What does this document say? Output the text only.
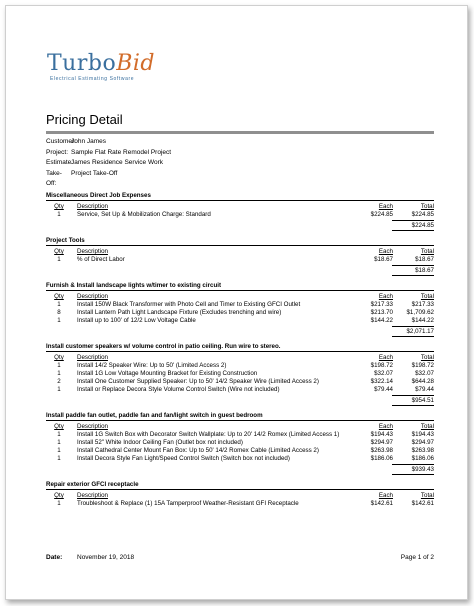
TurboBid
Electrical Estimating Software
Pricing Detail
Customer:
John James
Project: Sample Flat Rate Remodel Project
Estimate:
James Residence Service Work
Take-Off:
Project Take-Off
Miscellaneous Direct Job Expenses
Qty	Description	Each	Total
1	Service, Set Up & Mobilization Charge: Standard	$224.85	$224.85
$224.85
Project Tools
Qty	Description	Each	Total
1	% of Direct Labor	$18.67	$18.67
$18.67
Furnish & Install landscape lights w/timer to existing circuit
Qty	Description	Each	Total
1	Install 150W Black Transformer with Photo Cell and Timer to Existing GFCI Outlet	$217.33	$217.33
8	Install Lantern Path Light Landscape Fixture (Excludes trenching and wire)	$213.70	$1,709.62
1	Install up to 100' of 12/2 Low Voltage Cable	$144.22	$144.22
$2,071.17
Install customer speakers w/ volume control in patio ceiling. Run wire to stereo.
Qty	Description	Each	Total
1	Install 14/2 Speaker Wire: Up to 50' (Limited Access 2)	$198.72	$198.72
1	Install 1G Low Voltage Mounting Bracket for Existing Construction	$32.07	$32.07
2	Install One Customer Supplied Speaker: Up to 50' 14/2 Speaker Wire (Limited Access 2)	$322.14	$644.28
1	Install or Replace Decora Style Volume Control Switch (Wire not included)	$79.44	$79.44
$954.51
Install paddle fan outlet, paddle fan and fan/light switch in guest bedroom
Qty	Description	Each	Total
1	Install 1G Switch Box with Decorator Switch Wallplate: Up to 20' 14/2 Romex (Limited Access 1)	$194.43	$194.43
1	Install 52" White Indoor Ceiling Fan (Outlet box not included)	$294.97	$294.97
1	Install Cathedral Center Mount Fan Box: Up to 50' 14/2 Romex Cable (Limited Access 2)	$263.98	$263.98
1	Install Decora Style Fan Light/Speed Control Switch (Switch box not included)	$186.06	$186.06
$939.43
Repair exterior GFCI receptacle
Qty	Description	Each	Total
1	Troubleshoot & Replace (1) 15A Tamperproof Weather-Resistant GFI Receptacle	$142.61	$142.61
Date:	November 19, 2018	Page 1 of 2
